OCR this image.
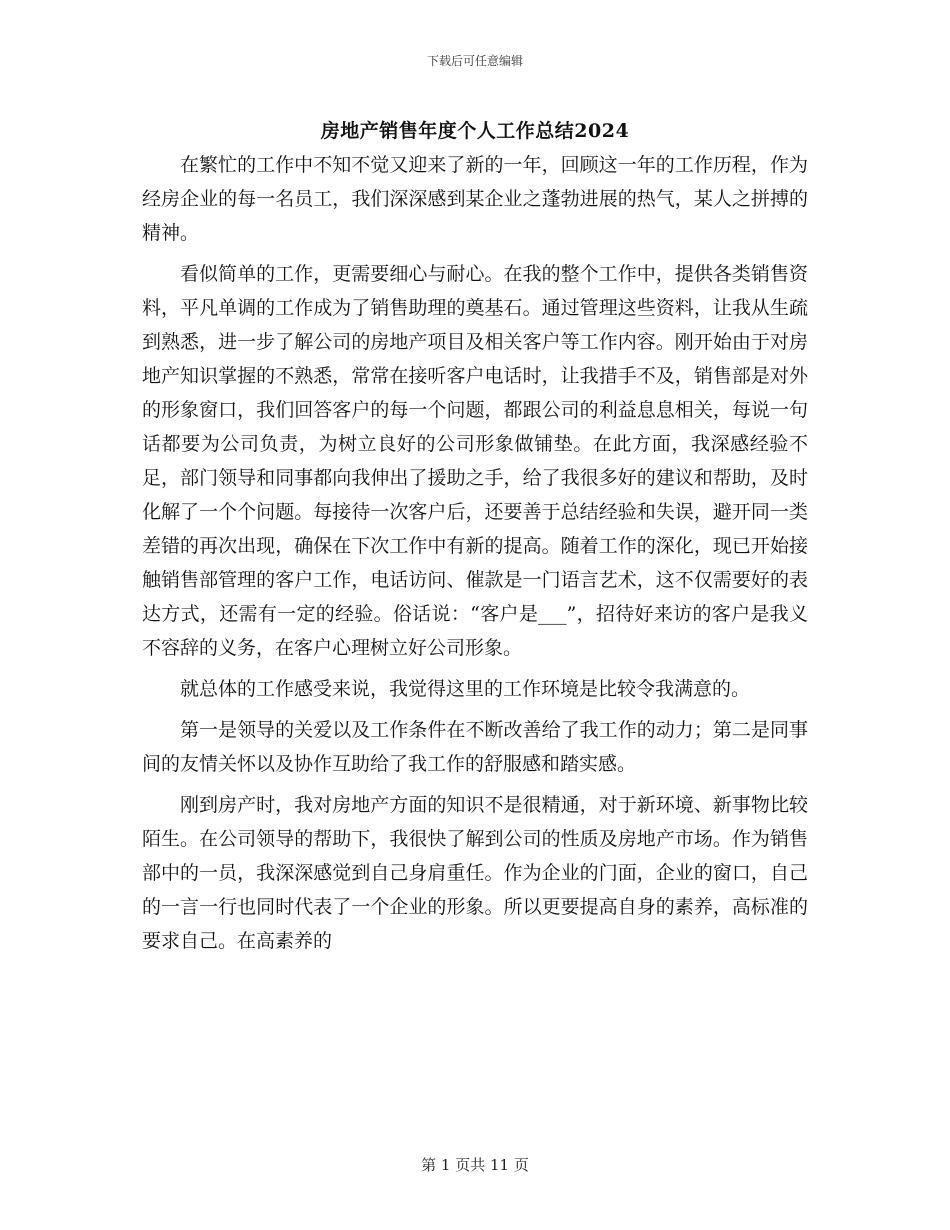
下载后可任意编辑
房地产销售年度个人工作总结2024

在繁忙的工作中不知不觉又迎来了新的一年，回顾这一年的工作历程，作为经房企业的每一名员工，我们深深感到某企业之蓬勃进展的热气，某人之拼搏的精神。

看似简单的工作，更需要细心与耐心。在我的整个工作中，提供各类销售资料，平凡单调的工作成为了销售助理的奠基石。通过管理这些资料，让我从生疏到熟悉，进一步了解公司的房地产项目及相关客户等工作内容。刚开始由于对房地产知识掌握的不熟悉，常常在接听客户电话时，让我措手不及，销售部是对外的形象窗口，我们回答客户的每一个问题，都跟公司的利益息息相关，每说一句话都要为公司负责，为树立良好的公司形象做铺垫。在此方面，我深感经验不足，部门领导和同事都向我伸出了援助之手，给了我很多好的建议和帮助，及时化解了一个个问题。每接待一次客户后，还要善于总结经验和失误，避开同一类差错的再次出现，确保在下次工作中有新的提高。随着工作的深化，现已开始接触销售部管理的客户工作，电话访问、催款是一门语言艺术，这不仅需要好的表达方式，还需有一定的经验。俗话说：“客户是___”，招待好来访的客户是我义不容辞的义务，在客户心理树立好公司形象。

就总体的工作感受来说，我觉得这里的工作环境是比较令我满意的。

第一是领导的关爱以及工作条件在不断改善给了我工作的动力；第二是同事间的友情关怀以及协作互助给了我工作的舒服感和踏实感。

刚到房产时，我对房地产方面的知识不是很精通，对于新环境、新事物比较陌生。在公司领导的帮助下，我很快了解到公司的性质及房地产市场。作为销售部中的一员，我深深感觉到自己身肩重任。作为企业的门面，企业的窗口，自己的一言一行也同时代表了一个企业的形象。所以更要提高自身的素养，高标准的要求自己。在高素养的

第 1 页共 11 页
